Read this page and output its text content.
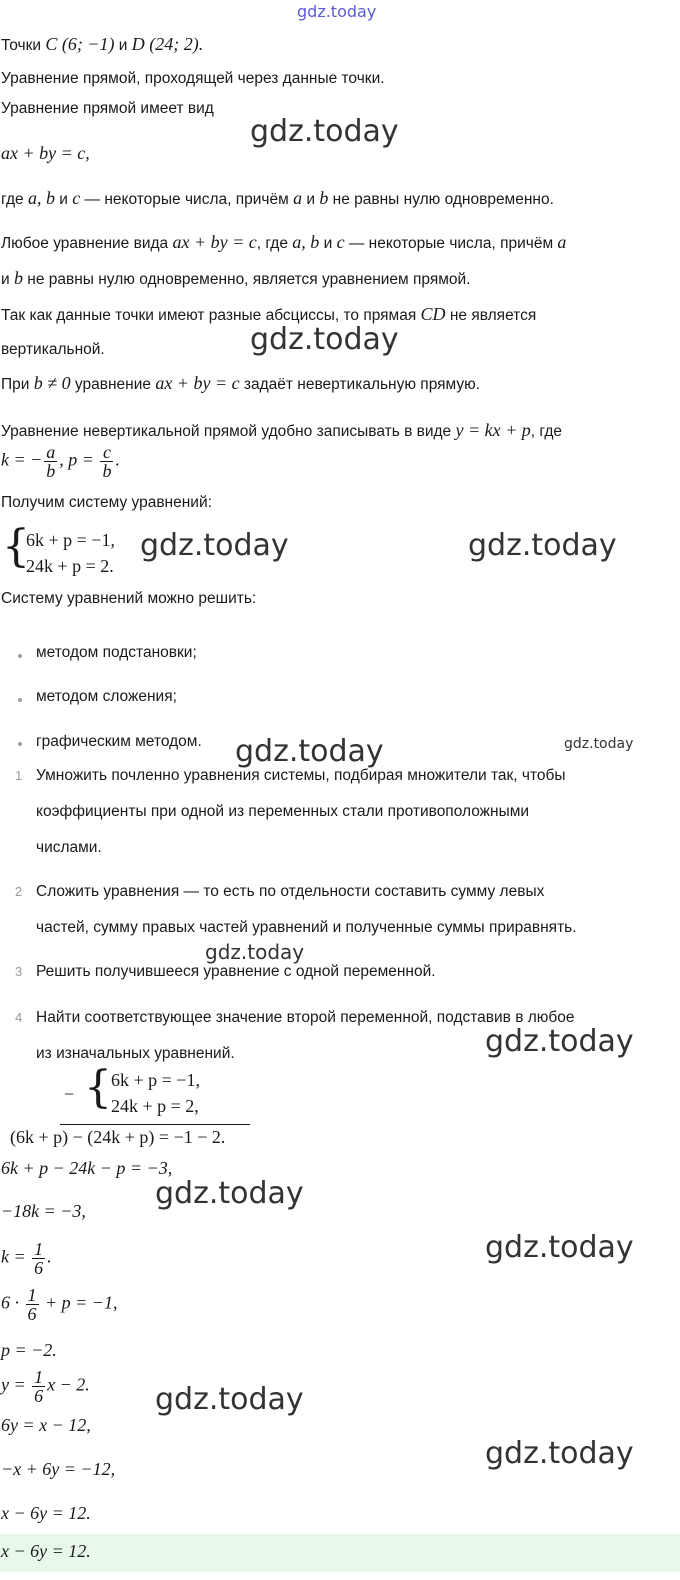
gdz.today
Точки C (6; −1) и D (24; 2).
Уравнение прямой, проходящей через данные точки.
Уравнение прямой имеет вид
ax + by = c,
где a, b и c — некоторые числа, причём a и b не равны нулю одновременно.
Любое уравнение вида ax + by = c, где a, b и c — некоторые числа, причём a
и b не равны нулю одновременно, является уравнением прямой.
Так как данные точки имеют разные абсциссы, то прямая CD не является
вертикальной.
При b ≠ 0 уравнение ax + by = c задаёт невертикальную прямую.
Уравнение невертикальной прямой удобно записывать в виде y = kx + p, где
k = − $\frac{a}{b}$ , $p = \frac{c}{b}$ .
Получим систему уравнений:
{
6k + p = −1,
24k + p = 2.
Систему уравнений можно решить:
методом подстановки;
методом сложения;
графическим методом.
1 Умножить почленно уравнения системы, подбирая множители так, чтобы
коэффициенты при одной из переменных стали противоположными
числами.
2 Сложить уравнения — то есть по отдельности составить сумму левых
частей, сумму правых частей уравнений и полученные суммы приравнять.
3 Решить получившееся уравнение с одной переменной.
4 Найти соответствующее значение второй переменной, подставив в любое
из изначальных уравнений.
− { 6k + p = −1,
24k + p = 2,
(6k + p) − (24k + p) = −1 − 2.
6k + p − 24k − p = −3,
−18k = −3,
$k = \frac{1}{6}$ .
$6 \cdot \frac{1}{6} + p = -1$,
p = −2.
$y = \frac{1}{6}$ x − 2.
6y = x − 12,
−x + 6y = −12,
x − 6y = 12.
x − 6y = 12.
gdz.today
gdz.today
gdz.today	gdz.today
gdz.today	gdz.today
gdz.today
gdz.today
gdz.today
gdz.today
gdz.today
gdz.today
